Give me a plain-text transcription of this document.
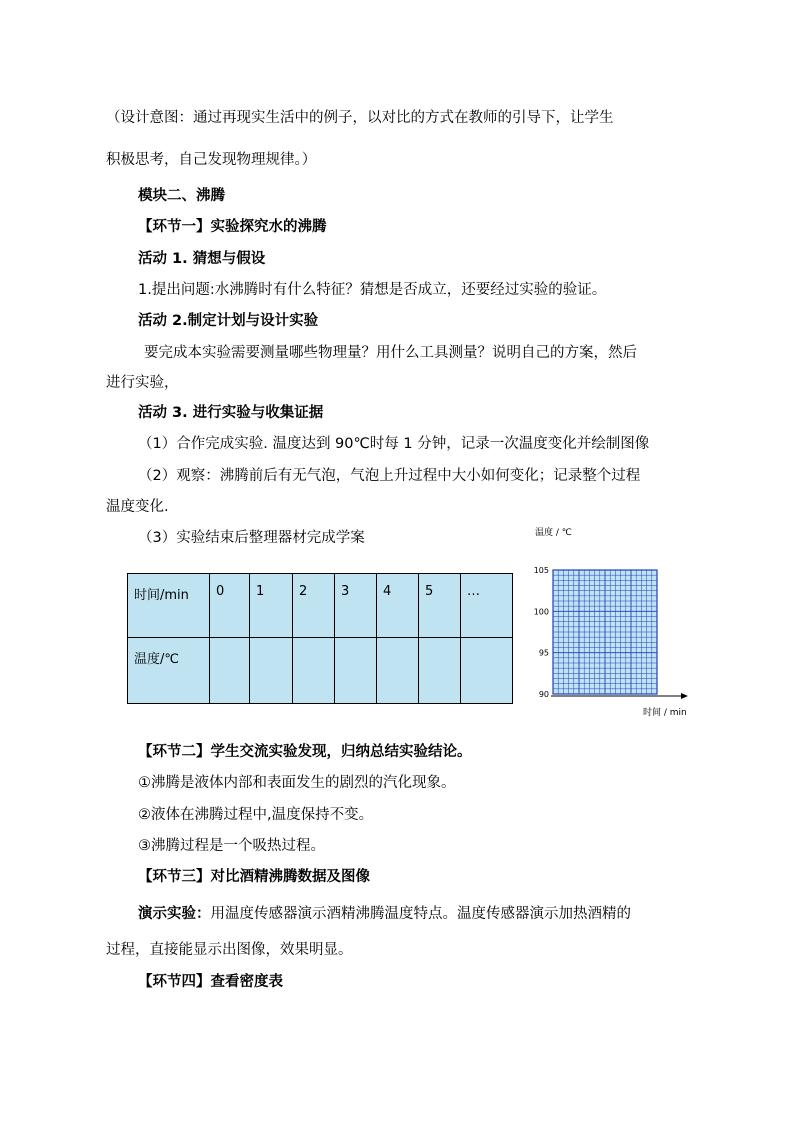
（设计意图：通过再现实生活中的例子，以对比的方式在教师的引导下，让学生
积极思考，自己发现物理规律。）
模块二、沸腾
【环节一】实验探究水的沸腾
活动 1. 猜想与假设
1.提出问题:水沸腾时有什么特征？猜想是否成立，还要经过实验的验证。
活动 2.制定计划与设计实验
要完成本实验需要测量哪些物理量？用什么工具测量？说明自己的方案，然后
进行实验，
活动 3. 进行实验与收集证据
（1）合作完成实验. 温度达到 90℃时每 1 分钟，记录一次温度变化并绘制图像
（2）观察：沸腾前后有无气泡，气泡上升过程中大小如何变化；记录整个过程
温度变化.
（3）实验结束后整理器材完成学案
时间/min	0	1	2	3	4	5	…
温度/℃							
温度 / ℃
时间 / min
90
95
100
105
【环节二】学生交流实验发现，归纳总结实验结论。
①沸腾是液体内部和表面发生的剧烈的汽化现象。
②液体在沸腾过程中,温度保持不变。
③沸腾过程是一个吸热过程。
【环节三】对比酒精沸腾数据及图像
演示实验：用温度传感器演示酒精沸腾温度特点。温度传感器演示加热酒精的
过程，直接能显示出图像，效果明显。
【环节四】查看密度表
